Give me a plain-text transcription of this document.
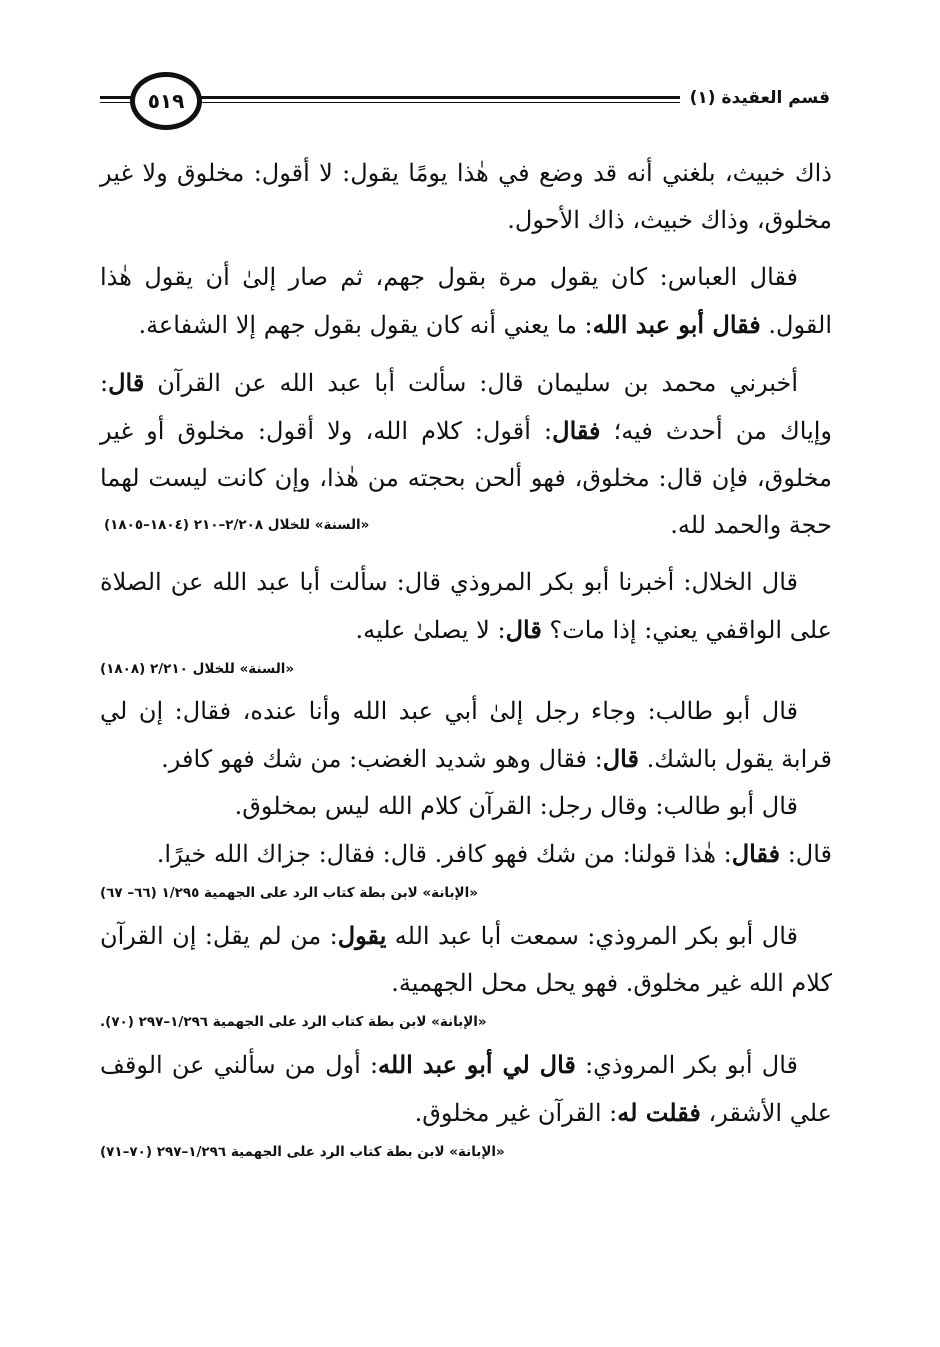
قسم العقيدة (١)
٥١٩

ذاك خبيث، بلغني أنه قد وضع في هٰذا يومًا يقول: لا أقول: مخلوق ولا غير مخلوق، وذاك خبيث، ذاك الأحول.

فقال العباس: كان يقول مرة بقول جهم، ثم صار إلىٰ أن يقول هٰذا القول. فقال أبو عبد الله: ما يعني أنه كان يقول بقول جهم إلا الشفاعة.

أخبرني محمد بن سليمان قال: سألت أبا عبد الله عن القرآن قال: وإياك من أحدث فيه؛ فقال: أقول: كلام الله، ولا أقول: مخلوق أو غير مخلوق، فإن قال: مخلوق، فهو ألحن بحجته من هٰذا، وإن كانت ليست لهما حجة والحمد لله.
«السنة» للخلال ٢/٢٠٨–٢١٠ (١٨٠٤–١٨٠٥)

قال الخلال: أخبرنا أبو بكر المروذي قال: سألت أبا عبد الله عن الصلاة على الواقفي يعني: إذا مات؟ قال: لا يصلىٰ عليه.

«السنة» للخلال ٢/٢١٠ (١٨٠٨)

قال أبو طالب: وجاء رجل إلىٰ أبي عبد الله وأنا عنده، فقال: إن لي قرابة يقول بالشك. قال: فقال وهو شديد الغضب: من شك فهو كافر.

قال أبو طالب: وقال رجل: القرآن كلام الله ليس بمخلوق.

قال: فقال: هٰذا قولنا: من شك فهو كافر. قال: فقال: جزاك الله خيرًا.

«الإبانة» لابن بطة كتاب الرد على الجهمية ١/٢٩٥ (٦٦– ٦٧)

قال أبو بكر المروذي: سمعت أبا عبد الله يقول: من لم يقل: إن القرآن كلام الله غير مخلوق. فهو يحل محل الجهمية.

«الإبانة» لابن بطة كتاب الرد على الجهمية ١/٢٩٦–٢٩٧ (٧٠).

قال أبو بكر المروذي: قال لي أبو عبد الله: أول من سألني عن الوقف علي الأشقر، فقلت له: القرآن غير مخلوق.

«الإبانة» لابن بطة كتاب الرد على الجهمية ١/٢٩٦–٢٩٧ (٧٠–٧١)
